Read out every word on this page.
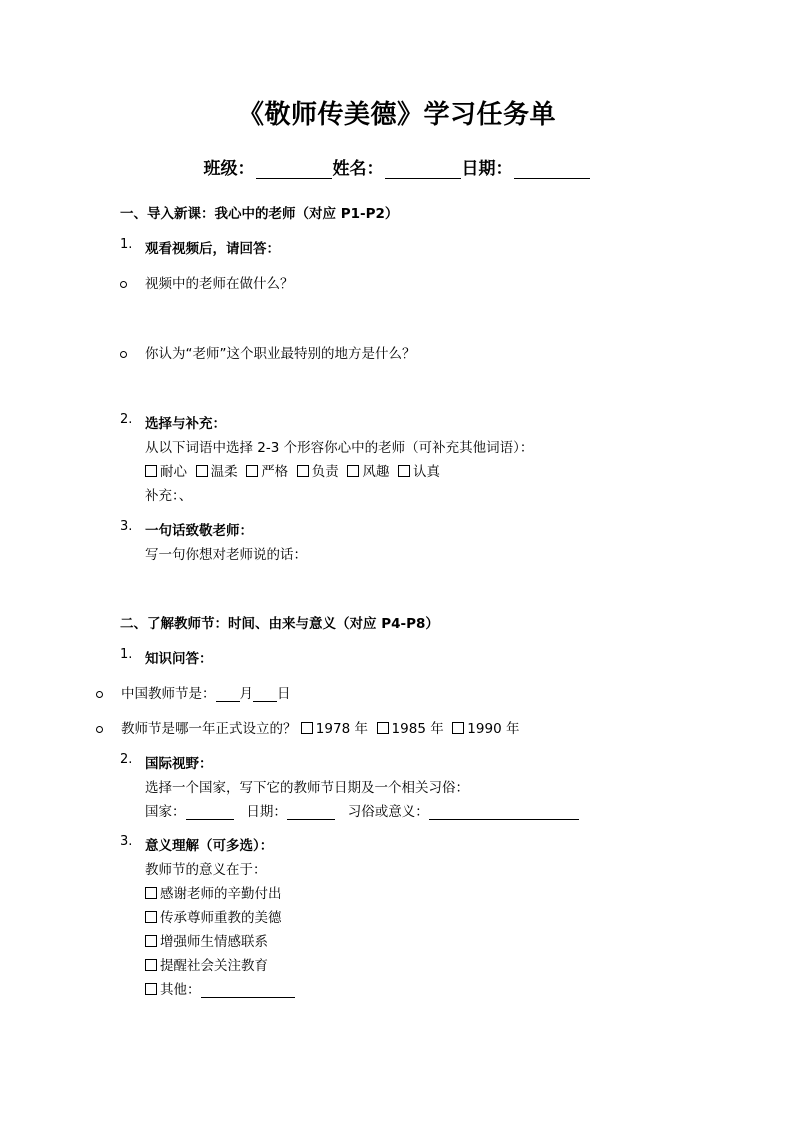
《敬师传美德》学习任务单
班级：	姓名：	日期：
一、导入新课：我心中的老师（对应 P1-P2）
1. 观看视频后，请回答：
视频中的老师在做什么？
你认为“老师”这个职业最特别的地方是什么？
2. 选择与补充：
从以下词语中选择 2-3 个形容你心中的老师（可补充其他词语）：
耐心 温柔 严格 负责 风趣 认真
补充：、
3. 一句话致敬老师：
写一句你想对老师说的话：
二、了解教师节：时间、由来与意义（对应 P4-P8）
1. 知识问答：
中国教师节是： 月 日
教师节是哪一年正式设立的？ 1978 年 1985 年 1990 年
2. 国际视野：
选择一个国家，写下它的教师节日期及一个相关习俗：
国家：	日期：	习俗或意义：
3. 意义理解（可多选）：
教师节的意义在于：
感谢老师的辛勤付出
传承尊师重教的美德
增强师生情感联系
提醒社会关注教育
其他：
